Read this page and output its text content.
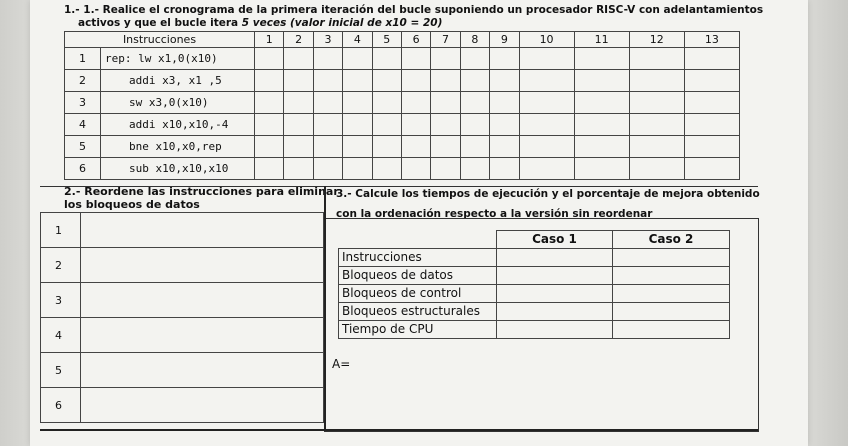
1.- 1.- Realice el cronograma de la primera iteración del bucle suponiendo un procesador RISC-V con adelantamientos
activos y que el bucle itera 5 veces (valor inicial de x10 = 20)
Instrucciones		1	2	3	4	5	6	7	8	9	10	11	12	13
1	rep: lw x1,0(x10)													
2	addi x3, x1 ,5													
3	sw x3,0(x10)													
4	addi x10,x10,-4													
5	bne x10,x0,rep													
6	sub x10,x10,x10													
2.- Reordene las instrucciones para eliminar
los bloqueos de datos
1	
2	
3	
4	
5	
6	
3.- Calcule los tiempos de ejecución y el porcentaje de mejora obtenido
con la ordenación respecto a la versión sin reordenar
	Caso 1	Caso 2
Instrucciones		
Bloqueos de datos		
Bloqueos de control		
Bloqueos estructurales		
Tiempo de CPU		
A=
